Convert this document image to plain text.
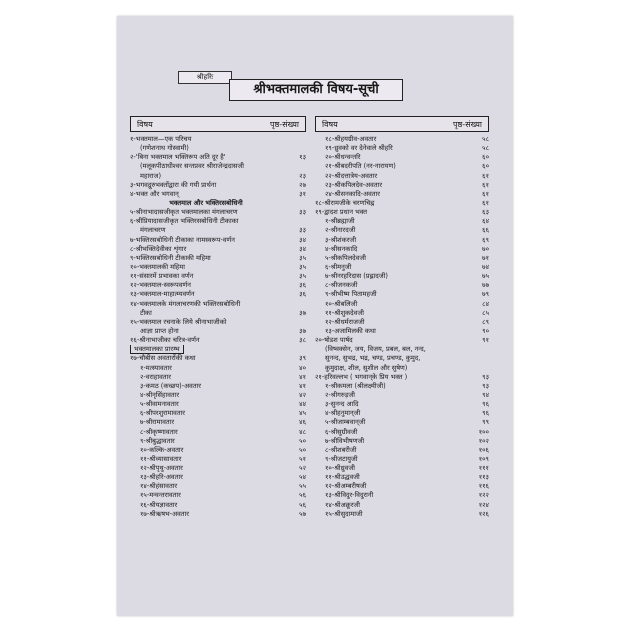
श्रीहरिः
श्रीभक्तमालकी विषय-सूची
विषय	पृष्ठ-संख्या
१-भक्तमाल—एक परिचय
(गणेशनाथ गोस्वामी)
२-'बिना भक्तमाल भक्तिरूप अति दूर है'	१३
(मलूकपीठाधीश्वर सन्तप्रवर श्रीराजेन्द्रदासजी
महाराज)	२३
३-भगवद्गुरुभक्तोंद्वारा की गयी प्रार्थना	२७
४-भक्त और भगवान्	३१
भक्तमाल और भक्तिरसबोधिनी
५-श्रीनाभादासजीकृत भक्तमालका मंगलाचरण	३३
६-श्रीप्रियादासजीकृत भक्तिरसबोधिनी टीकाका
मंगलाचरण	३३
७-भक्तिरसबोधिनी टीकाका नामस्वरूप-वर्णन	३४
८-श्रीभक्तिदेवीका शृंगार	३४
९-भक्तिरसबोधिनी टीकाकी महिमा	३५
१०-भक्तमालकी महिमा	३५
११-संसारमें प्रभावका वर्णन	३५
१२-भक्तमाल-स्वरूपवर्णन	३६
१३-भक्तमाल-माहात्म्यवर्णन	३६
१४-भक्तमालके मंगलाचरणकी भक्तिरसबोधिनी
टीका	३७
१५-भक्तमाल रचनाके लिये श्रीनाभाजीको
आज्ञा प्राप्त होना	३७
१६-श्रीनाभाजीका चरित्र-वर्णन	३८
भक्तमालका प्रारम्भ
१७-चौबीस अवतारोंकी कथा	३९
१-मत्स्यावतार	४०
२-वराहावतार	४१
३-कमठ (कच्छप)-अवतार	४१
४-श्रीनृसिंहावतार	४२
५-श्रीवामनावतार	४४
६-श्रीपरशुरामावतार	४५
७-श्रीरामावतार	४६
८-श्रीकृष्णावतार	४८
९-श्रीबुद्धावतार	५०
१०-कल्कि-अवतार	५०
११-श्रीव्यासावतार	५१
१२-श्रीपृथु-अवतार	५२
१३-श्रीहरि-अवतार	५४
१४-श्रीहंसावतार	५५
१५-मन्वन्तरावतार	५६
१६-श्रीयज्ञावतार	५६
१७-श्रीऋषभ-अवतार	५७
विषय	पृष्ठ-संख्या
१८-श्रीहयग्रीव-अवतार	५८
१९-ध्रुवको वर देनेवाले श्रीहरि	५८
२०-श्रीधन्वन्तरि	६०
२१-श्रीबदरीपति (नर-नारायण)	६०
२२-श्रीदत्तात्रेय-अवतार	६१
२३-श्रीकपिलदेव-अवतार	६१
२४-श्रीसनकादि-अवतार	६१
१८-श्रीरामजीके चरणचिह्न	६१
१९-द्वादश प्रधान भक्त	६३
१-श्रीब्रह्माजी	६४
२-श्रीनारदजी	६६
३-श्रीशंकरजी	६९
४-श्रीसनकादि	७०
५-श्रीकपिलदेवजी	७१
६-श्रीमनुजी	७४
७-श्रीनरहरिदास (प्रह्लादजी)	७५
८-श्रीजनकजी	७७
९-श्रीभीष्म पितामहजी	७९
१०-श्रीबलिजी	८४
११-श्रीशुकदेवजी	८५
१२-श्रीधर्मराजजी	८९
१३-अजामिलकी कथा	९०
२०-षोडश पार्षद	९१
(विष्वक्सेन, जय, विजय, प्रबल, बल, नन्द,
सुनन्द, सुभद्र, भद्र, चण्ड, प्रचण्ड, कुमुद,
कुमुदाक्ष, शील, सुशील और सुषेण)
२१-हरिवल्लभ ( भगवान्‌के प्रिय भक्त )	९३
१-श्रीकमला (श्रीलक्ष्मीजी)	९३
२-श्रीगरुड़जी	९४
३-सुनन्द आदि	९६
४-श्रीहनुमान्‌जी	९६
५-श्रीजाम्बवान्‌जी	९९
६-श्रीसुग्रीवजी	१००
७-श्रीविभीषणजी	१०२
८-श्रीशबरीजी	१०६
९-श्रीजटायुजी	१०९
१०-श्रीध्रुवजी	१११
११-श्रीउद्धवजी	११३
१२-श्रीअम्बरीषजी	११६
१३-श्रीविदुर-विदुरानी	१२२
१४-श्रीअक्रूरजी	१२४
१५-श्रीसुदामाजी	१२६
